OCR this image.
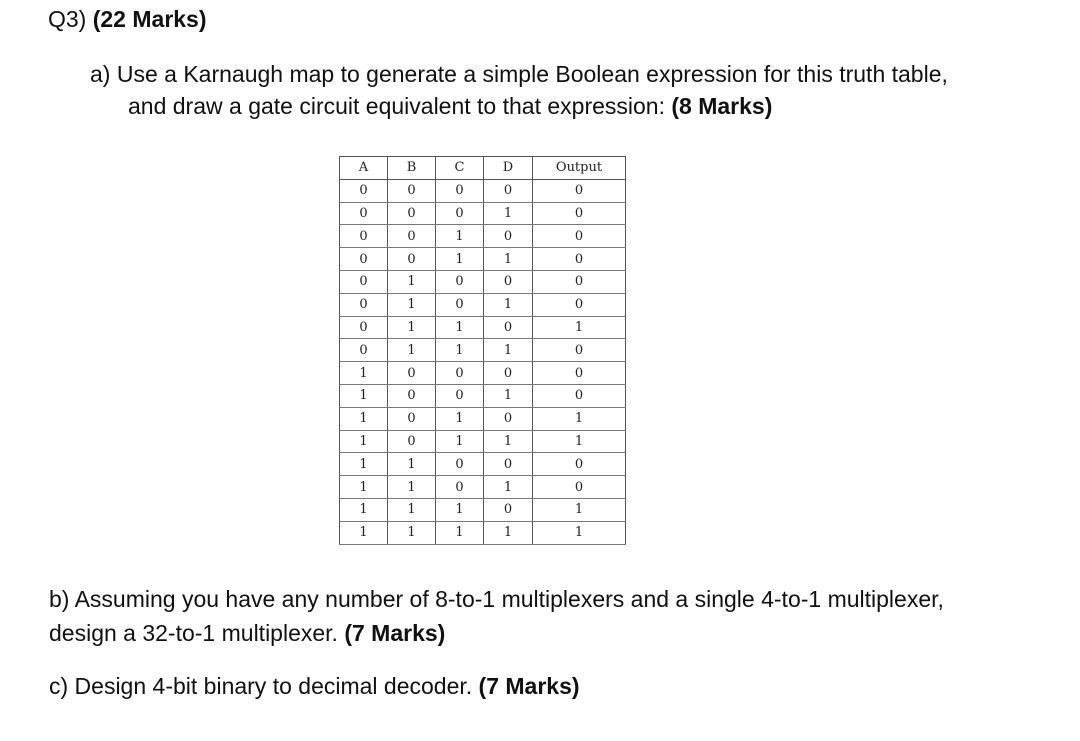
Q3) (22 Marks)
a) Use a Karnaugh map to generate a simple Boolean expression for this truth table,
and draw a gate circuit equivalent to that expression: (8 Marks)
A	B	C	D	Output
0	0	0	0	0
0	0	0	1	0
0	0	1	0	0
0	0	1	1	0
0	1	0	0	0
0	1	0	1	0
0	1	1	0	1
0	1	1	1	0
1	0	0	0	0
1	0	0	1	0
1	0	1	0	1
1	0	1	1	1
1	1	0	0	0
1	1	0	1	0
1	1	1	0	1
1	1	1	1	1
b) Assuming you have any number of 8-to-1 multiplexers and a single 4-to-1 multiplexer,
design a 32-to-1 multiplexer. (7 Marks)
c) Design 4-bit binary to decimal decoder. (7 Marks)
